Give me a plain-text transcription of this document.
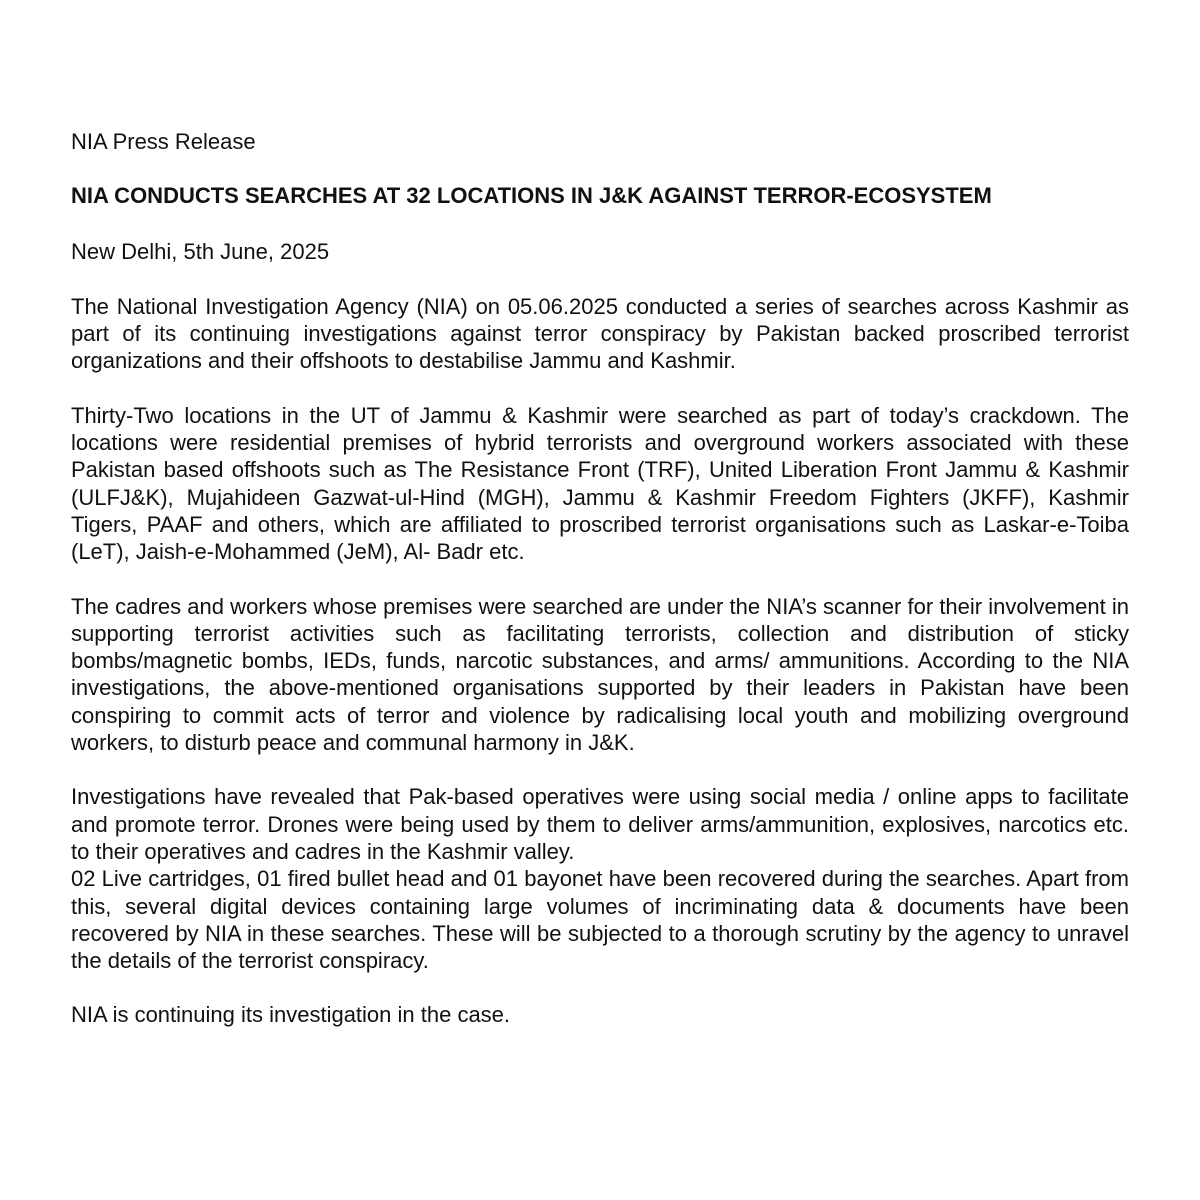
NIA Press Release

NIA CONDUCTS SEARCHES AT 32 LOCATIONS IN J&K AGAINST TERROR-ECOSYSTEM

New Delhi, 5th June, 2025

The National Investigation Agency (NIA) on 05.06.2025 conducted a series of searches across Kashmir as part of its continuing investigations against terror conspiracy by Pakistan backed proscribed terrorist organizations and their offshoots to destabilise Jammu and Kashmir.

Thirty-Two locations in the UT of Jammu & Kashmir were searched as part of today’s crackdown. The locations were residential premises of hybrid terrorists and overground workers associated with these Pakistan based offshoots such as The Resistance Front (TRF), United Liberation Front Jammu & Kashmir (ULFJ&K), Mujahideen Gazwat-ul-Hind (MGH), Jammu & Kashmir Freedom Fighters (JKFF), Kashmir Tigers, PAAF and others, which are affiliated to proscribed terrorist organisations such as Laskar-e-Toiba (LeT), Jaish-e-Mohammed (JeM), Al- Badr etc.

The cadres and workers whose premises were searched are under the NIA’s scanner for their involvement in supporting terrorist activities such as facilitating terrorists, collection and distribution of sticky bombs/magnetic bombs, IEDs, funds, narcotic substances, and arms/ ammunitions. According to the NIA investigations, the above-mentioned organisations supported by their leaders in Pakistan have been conspiring to commit acts of terror and violence by radicalising local youth and mobilizing overground workers, to disturb peace and communal harmony in J&K.

Investigations have revealed that Pak-based operatives were using social media / online apps to facilitate and promote terror. Drones were being used by them to deliver arms/ammunition, explosives, narcotics etc. to their operatives and cadres in the Kashmir valley.

02 Live cartridges, 01 fired bullet head and 01 bayonet have been recovered during the searches. Apart from this, several digital devices containing large volumes of incriminating data & documents have been recovered by NIA in these searches. These will be subjected to a thorough scrutiny by the agency to unravel the details of the terrorist conspiracy.

NIA is continuing its investigation in the case.
